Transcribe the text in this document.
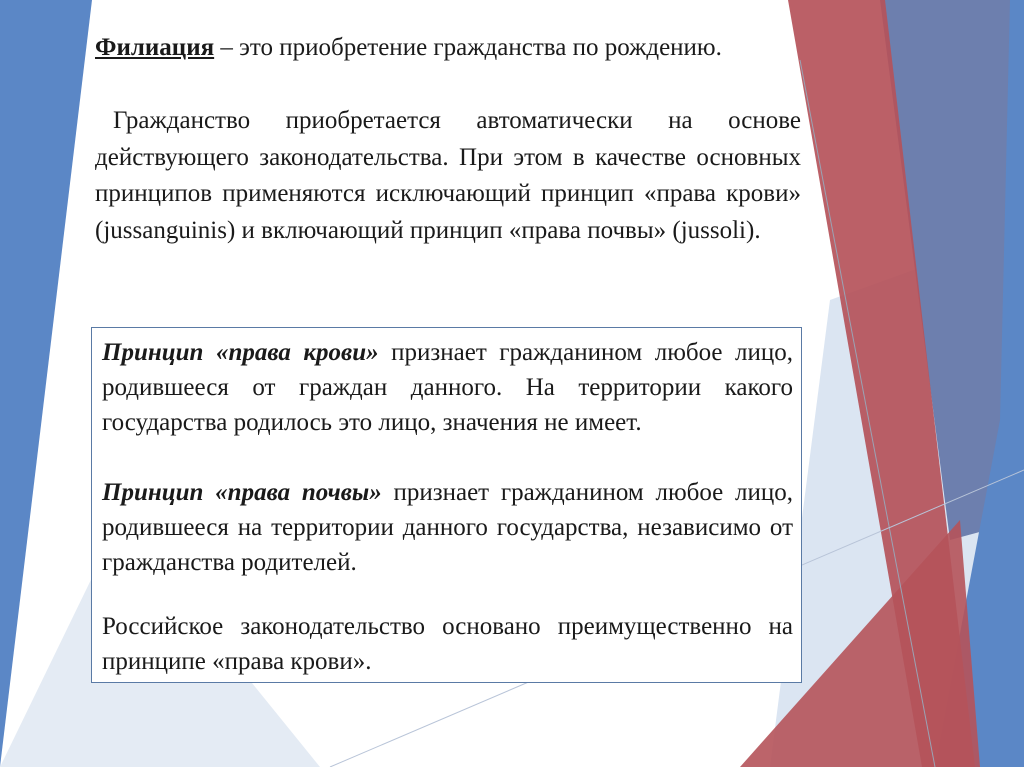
Филиация – это приобретение гражданства по рождению.

Гражданство приобретается автоматически на основе действующего законодательства. При этом в качестве основных принципов применяются исключающий принцип «права крови» (jussanguinis) и включающий принцип «права почвы» (jussoli).

Принцип «права крови» признает гражданином любое лицо, родившееся от граждан данного. На территории какого государства родилось это лицо, значения не имеет.

Принцип «права почвы» признает гражданином любое лицо, родившееся на территории данного государства, независимо от гражданства родителей.

Российское законодательство основано преимущественно на принципе «права крови».
